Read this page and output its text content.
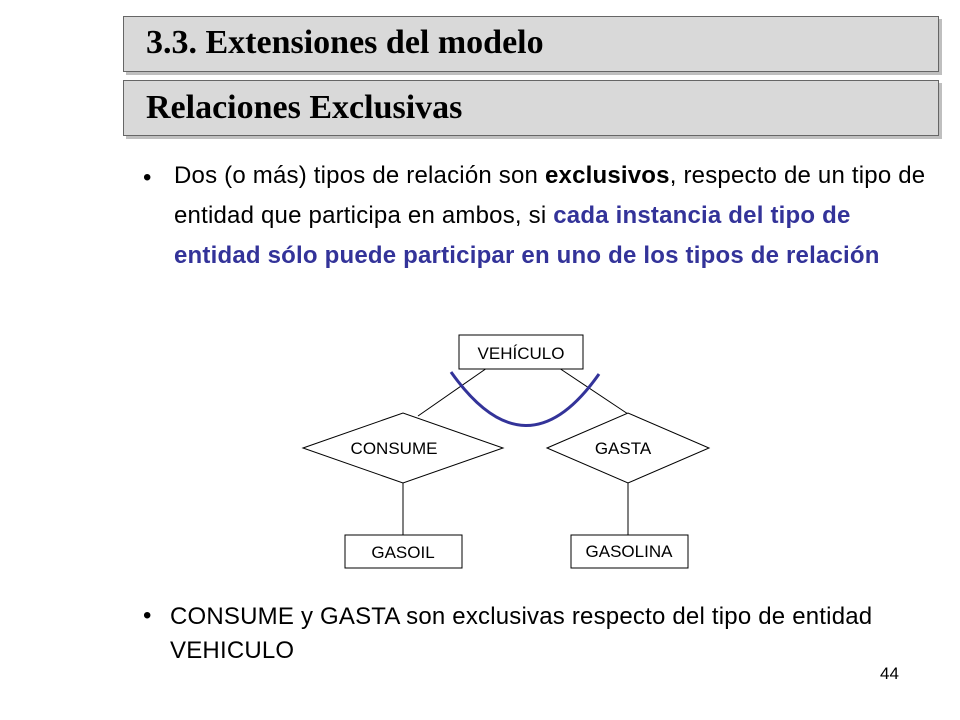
3.3. Extensiones del modelo
Relaciones Exclusivas
• Dos (o más) tipos de relación son exclusivos, respecto de un tipo de entidad que participa en ambos, si cada instancia del tipo de entidad sólo puede participar en uno de los tipos de relación
VEHÍCULO
CONSUME	GASTA
GASOIL	GASOLINA
• CONSUME y GASTA son exclusivas respecto del tipo de entidad VEHICULO
44
